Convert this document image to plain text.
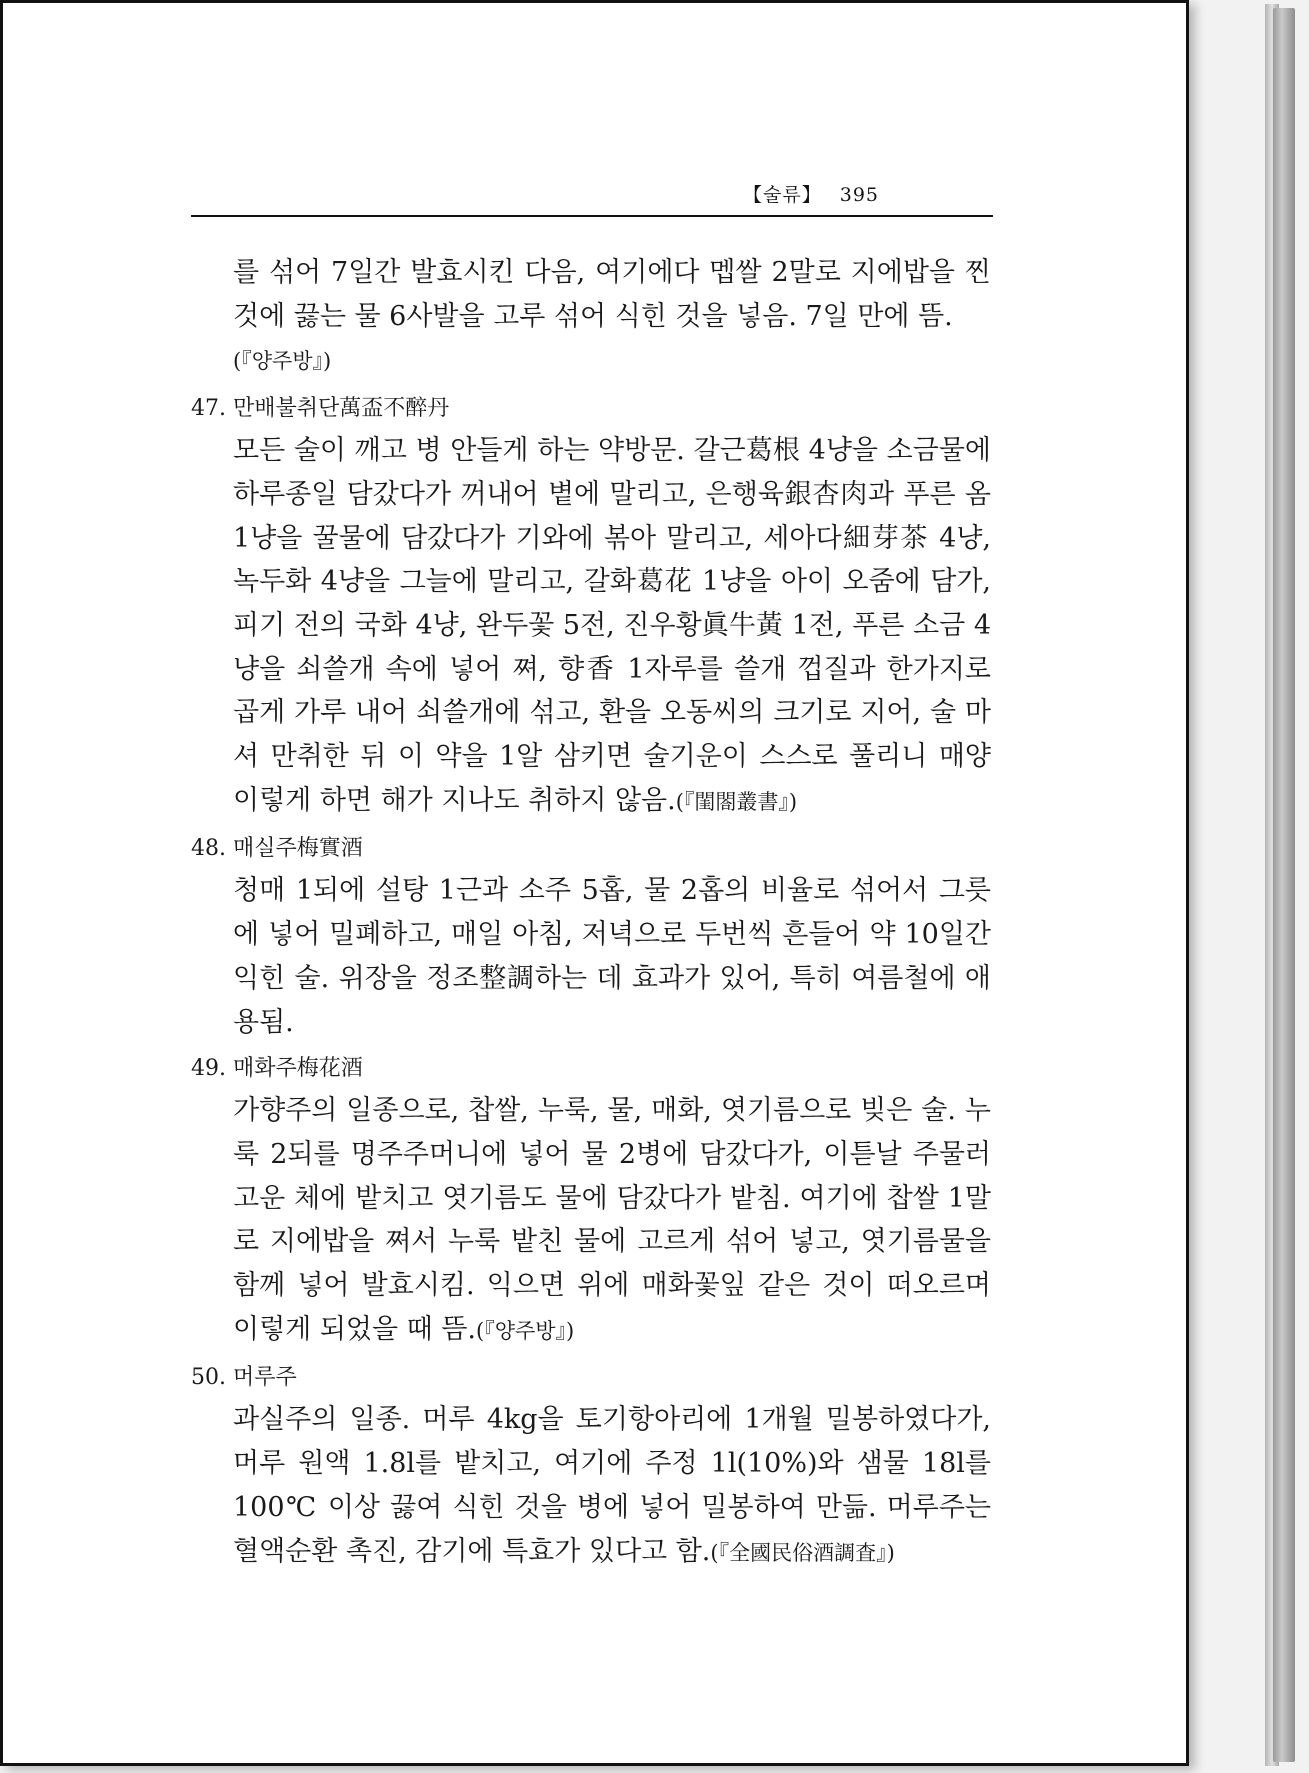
【술류】 395

를 섞어 7일간 발효시킨 다음, 여기에다 멥쌀 2말로 지에밥을 찐 것에 끓는 물 6사발을 고루 섞어 식힌 것을 넣음. 7일 만에 뜸.
(『양주방』)

47. 만배불취단萬盃不醉丹

모든 술이 깨고 병 안들게 하는 약방문. 갈근葛根 4냥을 소금물에 하루종일 담갔다가 꺼내어 볕에 말리고, 은행육銀杏肉과 푸른 옴 1냥을 꿀물에 담갔다가 기와에 볶아 말리고, 세아다細芽茶 4냥, 녹두화 4냥을 그늘에 말리고, 갈화葛花 1냥을 아이 오줌에 담가, 피기 전의 국화 4냥, 완두꽃 5전, 진우황眞牛黃 1전, 푸른 소금 4냥을 쇠쓸개 속에 넣어 쪄, 향香 1자루를 쓸개 껍질과 한가지로 곱게 가루 내어 쇠쓸개에 섞고, 환을 오동씨의 크기로 지어, 술 마셔 만취한 뒤 이 약을 1알 삼키면 술기운이 스스로 풀리니 매양 이렇게 하면 해가 지나도 취하지 않음.(『閨閤叢書』)

48. 매실주梅實酒

청매 1되에 설탕 1근과 소주 5홉, 물 2홉의 비율로 섞어서 그릇에 넣어 밀폐하고, 매일 아침, 저녁으로 두번씩 흔들어 약 10일간 익힌 술. 위장을 정조整調하는 데 효과가 있어, 특히 여름철에 애용됨.

49. 매화주梅花酒

가향주의 일종으로, 찹쌀, 누룩, 물, 매화, 엿기름으로 빚은 술. 누룩 2되를 명주주머니에 넣어 물 2병에 담갔다가, 이튿날 주물러 고운 체에 밭치고 엿기름도 물에 담갔다가 밭침. 여기에 찹쌀 1말로 지에밥을 쪄서 누룩 밭친 물에 고르게 섞어 넣고, 엿기름물을 함께 넣어 발효시킴. 익으면 위에 매화꽃잎 같은 것이 떠오르며 이렇게 되었을 때 뜸.(『양주방』)

50. 머루주

과실주의 일종. 머루 4kg을 토기항아리에 1개월 밀봉하였다가, 머루 원액 1.8l를 밭치고, 여기에 주정 1l(10%)와 샘물 18l를 100℃ 이상 끓여 식힌 것을 병에 넣어 밀봉하여 만듦. 머루주는 혈액순환 촉진, 감기에 특효가 있다고 함.(『全國民俗酒調査』)
